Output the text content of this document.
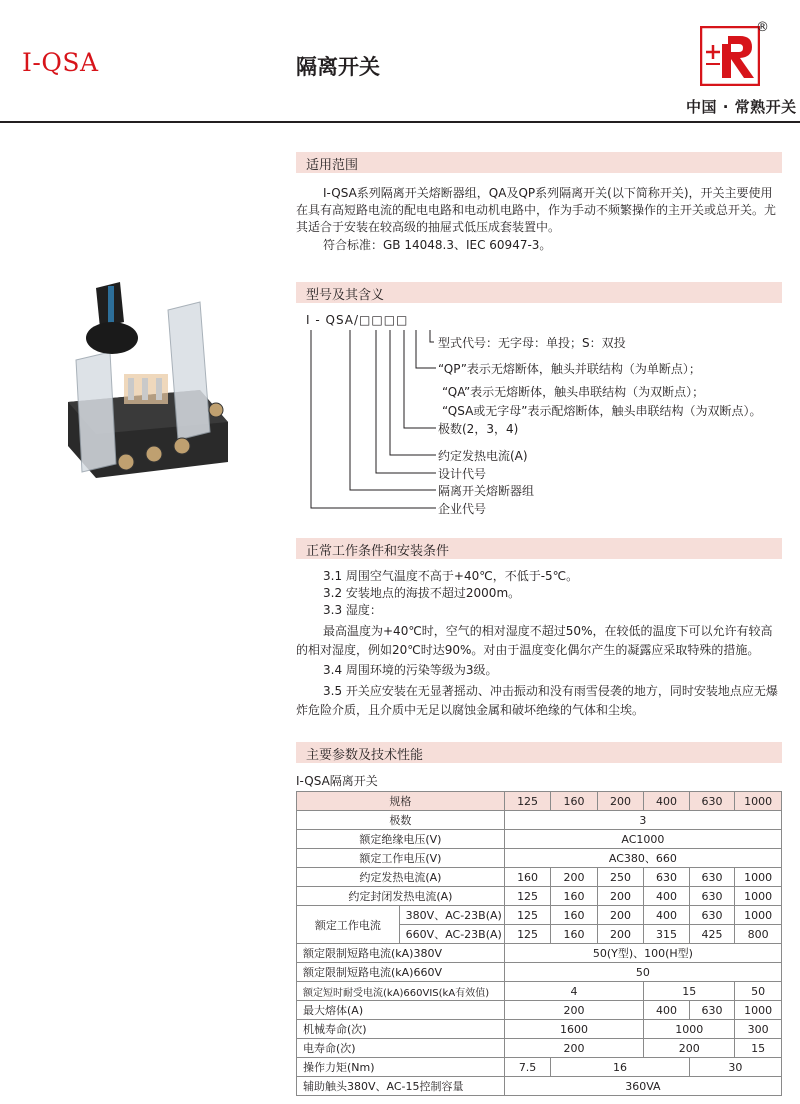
I-QSA	隔离开关
®
中国 · 常熟开关
适用范围
I-QSA系列隔离开关熔断器组，QA及QP系列隔离开关(以下简称开关)，开关主要使用在具有高短路电流的配电电路和电动机电路中，作为手动不频繁操作的主开关或总开关。尤其适合于安装在较高级的抽屉式低压成套装置中。
符合标准：GB 14048.3、IEC 60947-3。
型号及其含义
I - QSA/□□□□
型式代号：无字母：单投；S：双投
“QP”表示无熔断体，触头并联结构（为单断点）；
“QA”表示无熔断体，触头串联结构（为双断点）；
“QSA或无字母”表示配熔断体，触头串联结构（为双断点）。
极数(2，3，4)
约定发热电流(A)
设计代号
隔离开关熔断器组
企业代号
正常工作条件和安装条件
3.1 周围空气温度不高于+40℃，不低于-5℃。
3.2 安装地点的海拔不超过2000m。
3.3 湿度：
最高温度为+40℃时，空气的相对湿度不超过50%，在较低的温度下可以允许有较高的相对湿度，例如20℃时达90%。对由于温度变化偶尔产生的凝露应采取特殊的措施。
3.4 周围环境的污染等级为3级。
3.5 开关应安装在无显著摇动、冲击振动和没有雨雪侵袭的地方，同时安装地点应无爆炸危险介质，且介质中无足以腐蚀金属和破坏绝缘的气体和尘埃。
主要参数及技术性能
I-QSA隔离开关
规格		125	160	200	400	630	1000
极数		3					
额定绝缘电压(V)		AC1000					
额定工作电压(V)		AC380、660					
约定发热电流(A)		160	200	250	630	630	1000
约定封闭发热电流(A)		125	160	200	400	630	1000
额定工作电流	380V、AC-23B(A)	125	160	200	400	630	1000
	660V、AC-23B(A)	125	160	200	315	425	800
额定限制短路电流(kA)380V		50(Y型)、100(H型)					
额定限制短路电流(kA)660V		50					
额定短时耐受电流(kA)660VIS(kA有效值)		4			15		50
最大熔体(A)		200			400	630	1000
机械寿命(次)		1600			1000		300
电寿命(次)		200			200		15
操作力矩(Nm)		7.5	16			30	
辅助触头380V、AC-15控制容量		360VA					
